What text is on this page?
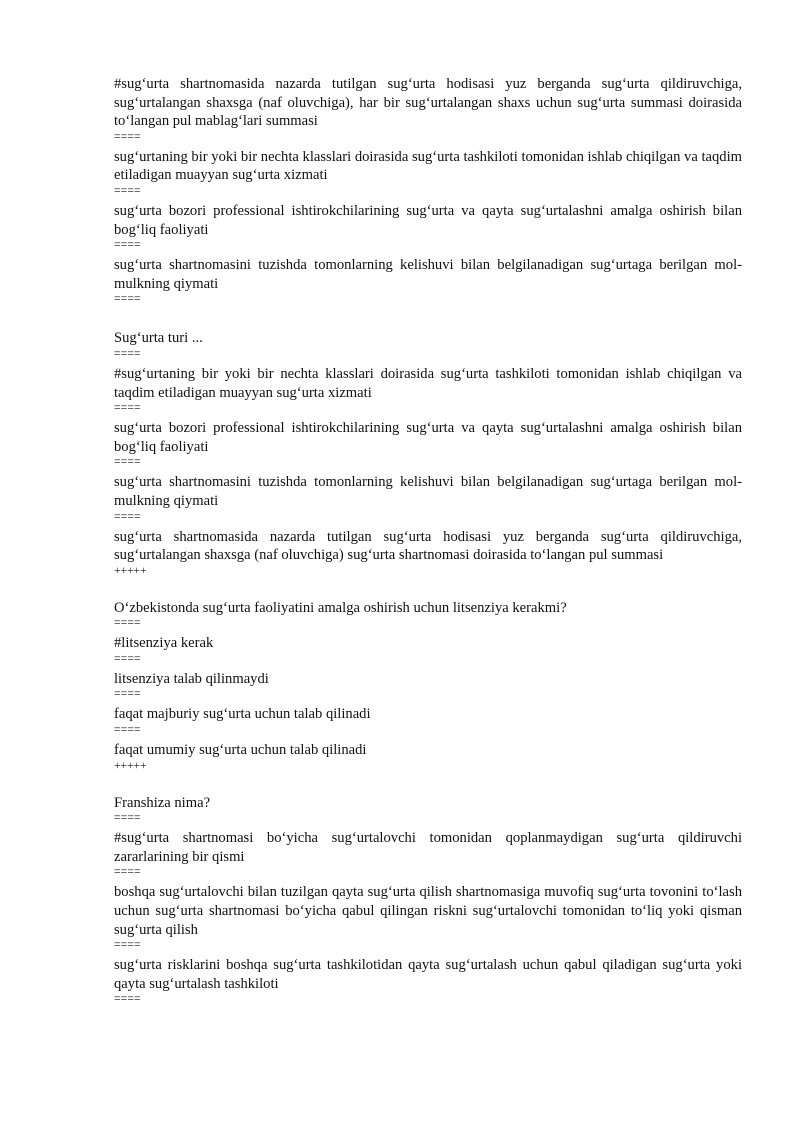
#sug‘urta shartnomasida nazarda tutilgan sug‘urta hodisasi yuz berganda sug‘urta qildiruvchiga, sug‘urtalangan shaxsga (naf oluvchiga), har bir sug‘urtalangan shaxs uchun sug‘urta summasi doirasida to‘langan pul mablag‘lari summasi

====

sug‘urtaning bir yoki bir nechta klasslari doirasida sug‘urta tashkiloti tomonidan ishlab chiqilgan va taqdim etiladigan muayyan sug‘urta xizmati

====

sug‘urta bozori professional ishtirokchilarining sug‘urta va qayta sug‘urtalashni amalga oshirish bilan bog‘liq faoliyati

====

sug‘urta shartnomasini tuzishda tomonlarning kelishuvi bilan belgilanadigan sug‘urtaga berilgan mol-mulkning qiymati

====

Sug‘urta turi ...

====

#sug‘urtaning bir yoki bir nechta klasslari doirasida sug‘urta tashkiloti tomonidan ishlab chiqilgan va taqdim etiladigan muayyan sug‘urta xizmati

====

sug‘urta bozori professional ishtirokchilarining sug‘urta va qayta sug‘urtalashni amalga oshirish bilan bog‘liq faoliyati

====

sug‘urta shartnomasini tuzishda tomonlarning kelishuvi bilan belgilanadigan sug‘urtaga berilgan mol-mulkning qiymati

====

sug‘urta shartnomasida nazarda tutilgan sug‘urta hodisasi yuz berganda sug‘urta qildiruvchiga, sug‘urtalangan shaxsga (naf oluvchiga) sug‘urta shartnomasi doirasida to‘langan pul summasi

+++++

O‘zbekistonda sug‘urta faoliyatini amalga oshirish uchun litsenziya kerakmi?

====

#litsenziya kerak

====

litsenziya talab qilinmaydi

====

faqat majburiy sug‘urta uchun talab qilinadi

====

faqat umumiy sug‘urta uchun talab qilinadi

+++++

Franshiza nima?

====

#sug‘urta shartnomasi bo‘yicha sug‘urtalovchi tomonidan qoplanmaydigan sug‘urta qildiruvchi zararlarining bir qismi

====

boshqa sug‘urtalovchi bilan tuzilgan qayta sug‘urta qilish shartnomasiga muvofiq sug‘urta tovonini to‘lash uchun sug‘urta shartnomasi bo‘yicha qabul qilingan riskni sug‘urtalovchi tomonidan to‘liq yoki qisman sug‘urta qilish

====

sug‘urta risklarini boshqa sug‘urta tashkilotidan qayta sug‘urtalash uchun qabul qiladigan sug‘urta yoki qayta sug‘urtalash tashkiloti

====
